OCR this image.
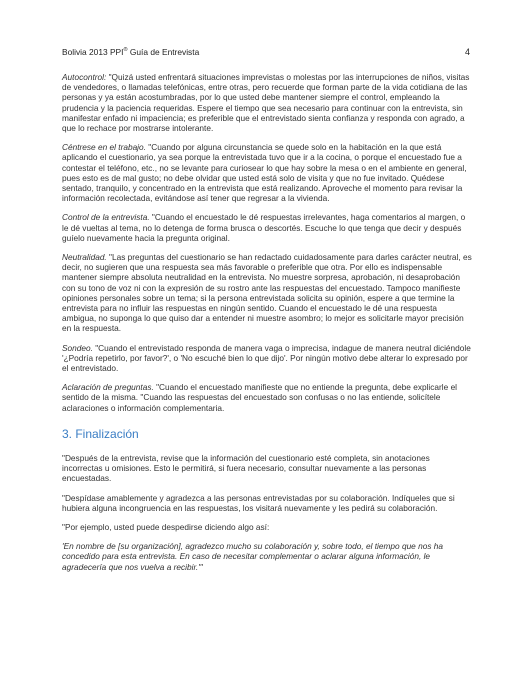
Bolivia 2013 PPI® Guía de Entrevista	4

Autocontrol: "Quizá usted enfrentará situaciones imprevistas o molestas por las interrupciones de niños, visitas de vendedores, o llamadas telefónicas, entre otras, pero recuerde que forman parte de la vida cotidiana de las personas y ya están acostumbradas, por lo que usted debe mantener siempre el control, empleando la prudencia y la paciencia requeridas. Espere el tiempo que sea necesario para continuar con la entrevista, sin manifestar enfado ni impaciencia; es preferible que el entrevistado sienta confianza y responda con agrado, a que lo rechace por mostrarse intolerante.

Céntrese en el trabajo. "Cuando por alguna circunstancia se quede solo en la habitación en la que está aplicando el cuestionario, ya sea porque la entrevistada tuvo que ir a la cocina, o porque el encuestado fue a contestar el teléfono, etc., no se levante para curiosear lo que hay sobre la mesa o en el ambiente en general, pues esto es de mal gusto; no debe olvidar que usted está solo de visita y que no fue invitado. Quédese sentado, tranquilo, y concentrado en la entrevista que está realizando. Aproveche el momento para revisar la información recolectada, evitándose así tener que regresar a la vivienda.

Control de la entrevista. "Cuando el encuestado le dé respuestas irrelevantes, haga comentarios al margen, o le dé vueltas al tema, no lo detenga de forma brusca o descortés. Escuche lo que tenga que decir y después guíelo nuevamente hacia la pregunta original.

Neutralidad. "Las preguntas del cuestionario se han redactado cuidadosamente para darles carácter neutral, es decir, no sugieren que una respuesta sea más favorable o preferible que otra. Por ello es indispensable mantener siempre absoluta neutralidad en la entrevista. No muestre sorpresa, aprobación, ni desaprobación con su tono de voz ni con la expresión de su rostro ante las respuestas del encuestado. Tampoco manifieste opiniones personales sobre un tema; si la persona entrevistada solicita su opinión, espere a que termine la entrevista para no influir las respuestas en ningún sentido. Cuando el encuestado le dé una respuesta ambigua, no suponga lo que quiso dar a entender ni muestre asombro; lo mejor es solicitarle mayor precisión en la respuesta.

Sondeo. "Cuando el entrevistado responda de manera vaga o imprecisa, indague de manera neutral diciéndole '¿Podría repetirlo, por favor?', o 'No escuché bien lo que dijo'. Por ningún motivo debe alterar lo expresado por el entrevistado.

Aclaración de preguntas. "Cuando el encuestado manifieste que no entiende la pregunta, debe explicarle el sentido de la misma. "Cuando las respuestas del encuestado son confusas o no las entiende, solicítele aclaraciones o información complementaria.

3. Finalización

"Después de la entrevista, revise que la información del cuestionario esté completa, sin anotaciones incorrectas u omisiones. Esto le permitirá, si fuera necesario, consultar nuevamente a las personas encuestadas.

"Despídase amablemente y agradezca a las personas entrevistadas por su colaboración. Indíqueles que si hubiera alguna incongruencia en las respuestas, los visitará nuevamente y les pedirá su colaboración.

"Por ejemplo, usted puede despedirse diciendo algo así:

'En nombre de [su organización], agradezco mucho su colaboración y, sobre todo, el tiempo que nos ha concedido para esta entrevista. En caso de necesitar complementar o aclarar alguna información, le agradecería que nos vuelva a recibir.'"
